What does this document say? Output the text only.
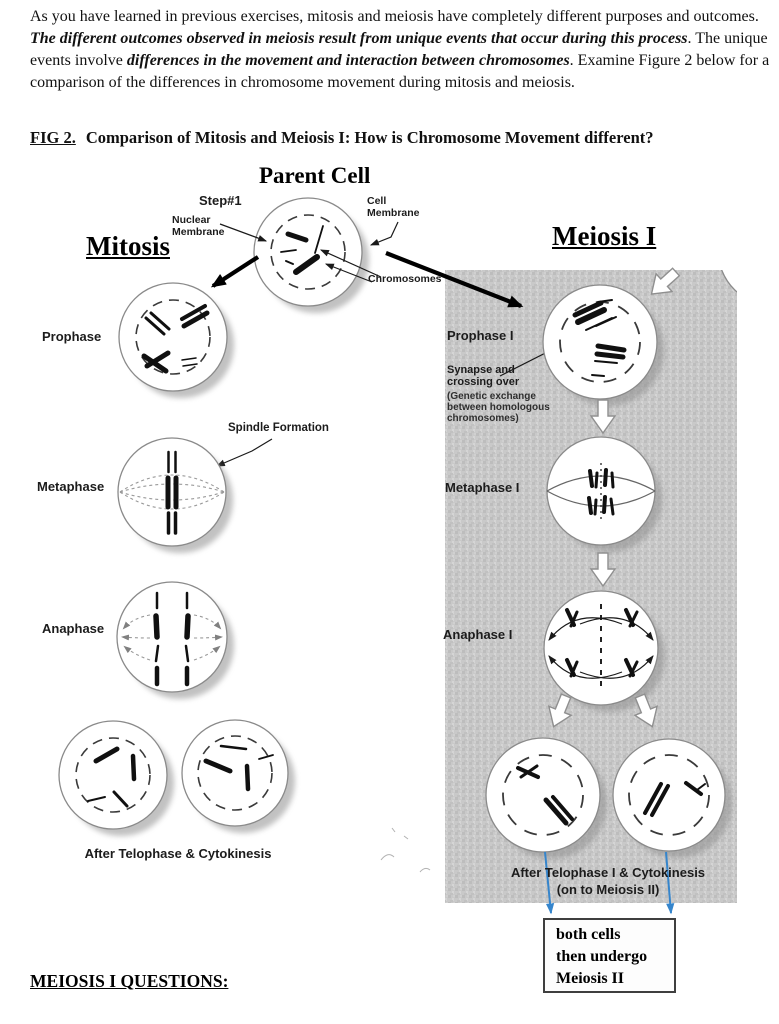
As you have learned in previous exercises, mitosis and meiosis have completely different purposes and outcomes. The different outcomes observed in meiosis result from unique events that occur during this process. The unique events involve differences in the movement and interaction between chromosomes. Examine Figure 2 below for a comparison of the differences in chromosome movement during mitosis and meiosis.

FIG 2. Comparison of Mitosis and Meiosis I: How is Chromosome Movement different?

Parent Cell
Step#1
Nuclear Membrane
Cell Membrane
Chromosomes
Mitosis	Meiosis I
Prophase
Metaphase
Spindle Formation
Anaphase
After Telophase & Cytokinesis
Prophase I
Synapse and crossing over
(Genetic exchange between homologous chromosomes)
Metaphase I
Anaphase I
After Telophase I & Cytokinesis
(on to Meiosis II)
both cells
then undergo
Meiosis II
MEIOSIS I QUESTIONS:
